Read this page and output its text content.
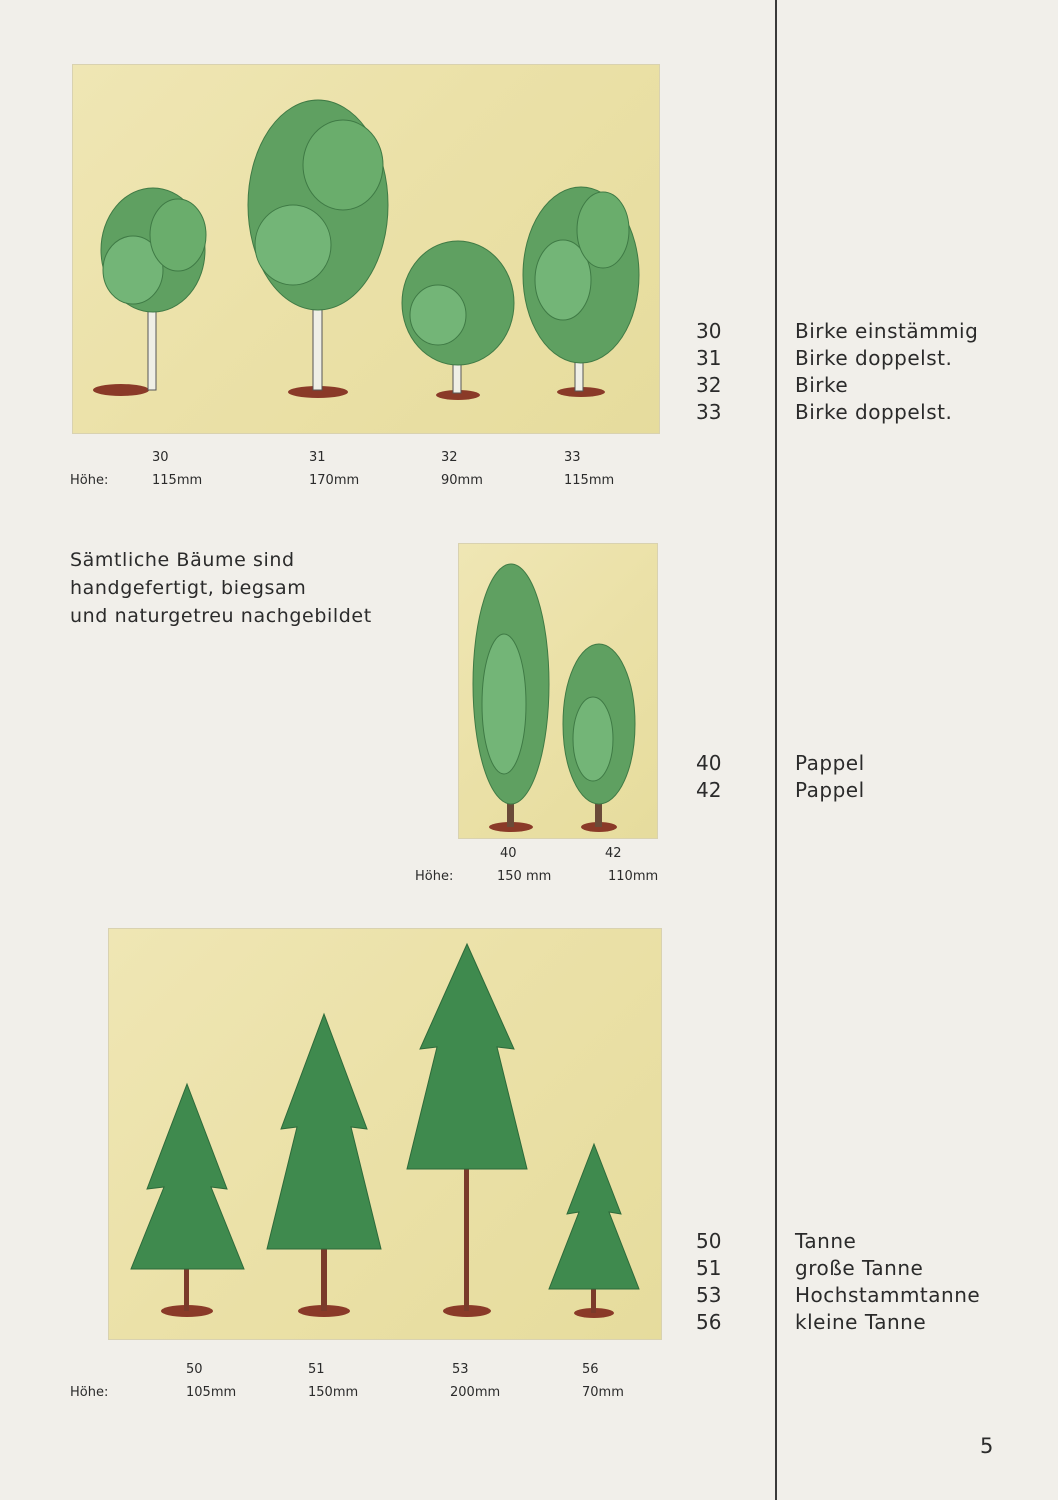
30	31	32	33
Höhe:	115mm	170mm	90mm	115mm
30	Birke einstämmig
31	Birke doppelst.
32	Birke
33	Birke doppelst.
Sämtliche Bäume sind
handgefertigt, biegsam
und naturgetreu nachgebildet
40	42
Höhe:	150 mm	110mm
40	Pappel
42	Pappel
50	51	53	56
Höhe:	105mm	150mm	200mm	70mm
50	Tanne
51	große Tanne
53	Hochstammtanne
56	kleine Tanne
5
